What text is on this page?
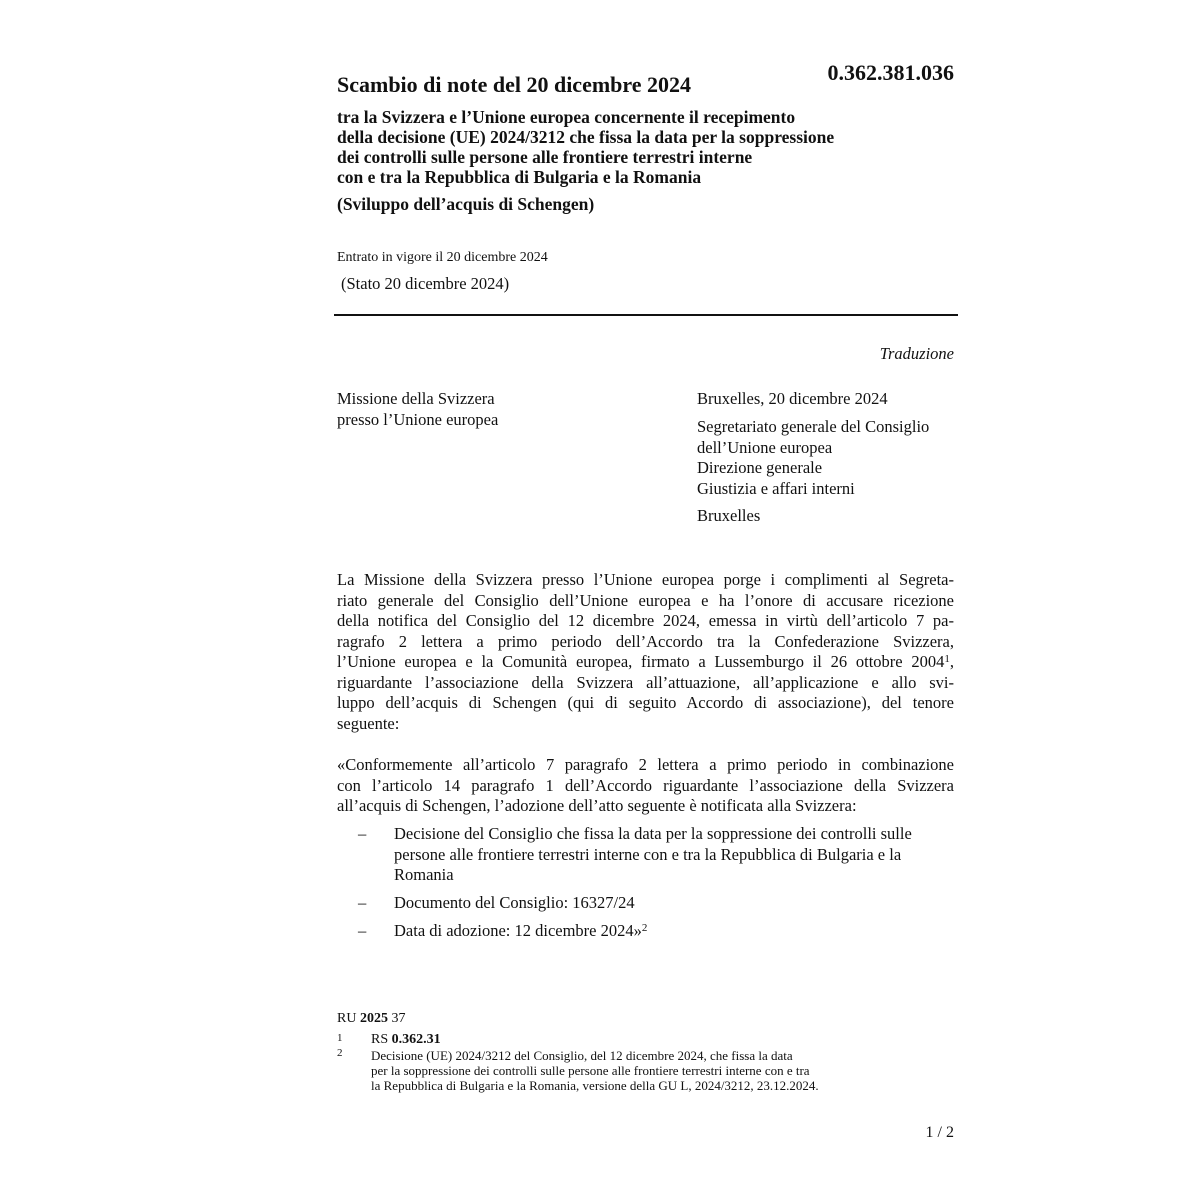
0.362.381.036
Scambio di note del 20 dicembre 2024
tra la Svizzera e l’Unione europea concernente il recepimento
della decisione (UE) 2024/3212 che fissa la data per la soppressione
dei controlli sulle persone alle frontiere terrestri interne
con e tra la Repubblica di Bulgaria e la Romania
(Sviluppo dell’acquis di Schengen)
Entrato in vigore il 20 dicembre 2024
(Stato 20 dicembre 2024)
Traduzione
Missione della Svizzera
presso l’Unione europea
Bruxelles, 20 dicembre 2024
Segretariato generale del Consiglio
dell’Unione europea
Direzione generale
Giustizia e affari interni
Bruxelles
La Missione della Svizzera presso l’Unione europea porge i complimenti al Segreta-
riato generale del Consiglio dell’Unione europea e ha l’onore di accusare ricezione
della notifica del Consiglio del 12 dicembre 2024, emessa in virtù dell’articolo 7 pa-
ragrafo 2 lettera a primo periodo dell’Accordo tra la Confederazione Svizzera,
l’Unione europea e la Comunità europea, firmato a Lussemburgo il 26 ottobre 2004$^1$,
riguardante l’associazione della Svizzera all’attuazione, all’applicazione e allo svi-
luppo dell’acquis di Schengen (qui di seguito Accordo di associazione), del tenore
seguente:
«Conformemente all’articolo 7 paragrafo 2 lettera a primo periodo in combinazione
con l’articolo 14 paragrafo 1 dell’Accordo riguardante l’associazione della Svizzera
all’acquis di Schengen, l’adozione dell’atto seguente è notificata alla Svizzera:
– Decisione del Consiglio che fissa la data per la soppressione dei controlli sulle
persone alle frontiere terrestri interne con e tra la Repubblica di Bulgaria e la
Romania
– Documento del Consiglio: 16327/24
– Data di adozione: 12 dicembre 2024»$^2$
RU 2025 37
1 RS 0.362.31
2 Decisione (UE) 2024/3212 del Consiglio, del 12 dicembre 2024, che fissa la data
per la soppressione dei controlli sulle persone alle frontiere terrestri interne con e tra
la Repubblica di Bulgaria e la Romania, versione della GU L, 2024/3212, 23.12.2024.
1 / 2
